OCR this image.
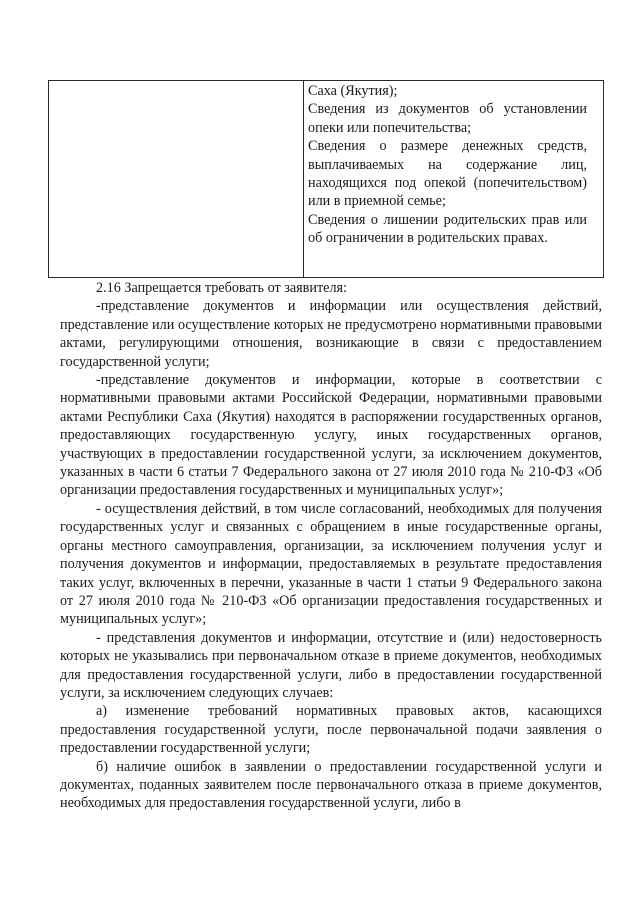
Саха (Якутия);

Сведения из документов об установлении опеки или попечительства;

Сведения о размере денежных средств, выплачиваемых на содержание лиц, находящихся под опекой (попечительством) или в приемной семье;

Сведения о лишении родительских прав или об ограничении в родительских правах.

2.16 Запрещается требовать от заявителя:

-представление документов и информации или осуществления действий, представление или осуществление которых не предусмотрено нормативными правовыми актами, регулирующими отношения, возникающие в связи с предоставлением государственной услуги;

-представление документов и информации, которые в соответствии с нормативными правовыми актами Российской Федерации, нормативными правовыми актами Республики Саха (Якутия) находятся в распоряжении государственных органов, предоставляющих государственную услугу, иных государственных органов, участвующих в предоставлении государственной услуги, за исключением документов, указанных в части 6 статьи 7 Федерального закона от 27 июля 2010 года № 210-ФЗ «Об организации предоставления государственных и муниципальных услуг»;

- осуществления действий, в том числе согласований, необходимых для получения государственных услуг и связанных с обращением в иные государственные органы, органы местного самоуправления, организации, за исключением получения услуг и получения документов и информации, предоставляемых в результате предоставления таких услуг, включенных в перечни, указанные в части 1 статьи 9 Федерального закона от 27 июля 2010 года № 210-ФЗ «Об организации предоставления государственных и муниципальных услуг»;

- представления документов и информации, отсутствие и (или) недостоверность которых не указывались при первоначальном отказе в приеме документов, необходимых для предоставления государственной услуги, либо в предоставлении государственной услуги, за исключением следующих случаев:

а) изменение требований нормативных правовых актов, касающихся предоставления государственной услуги, после первоначальной подачи заявления о предоставлении государственной услуги;

б) наличие ошибок в заявлении о предоставлении государственной услуги и документах, поданных заявителем после первоначального отказа в приеме документов, необходимых для предоставления государственной услуги, либо в
